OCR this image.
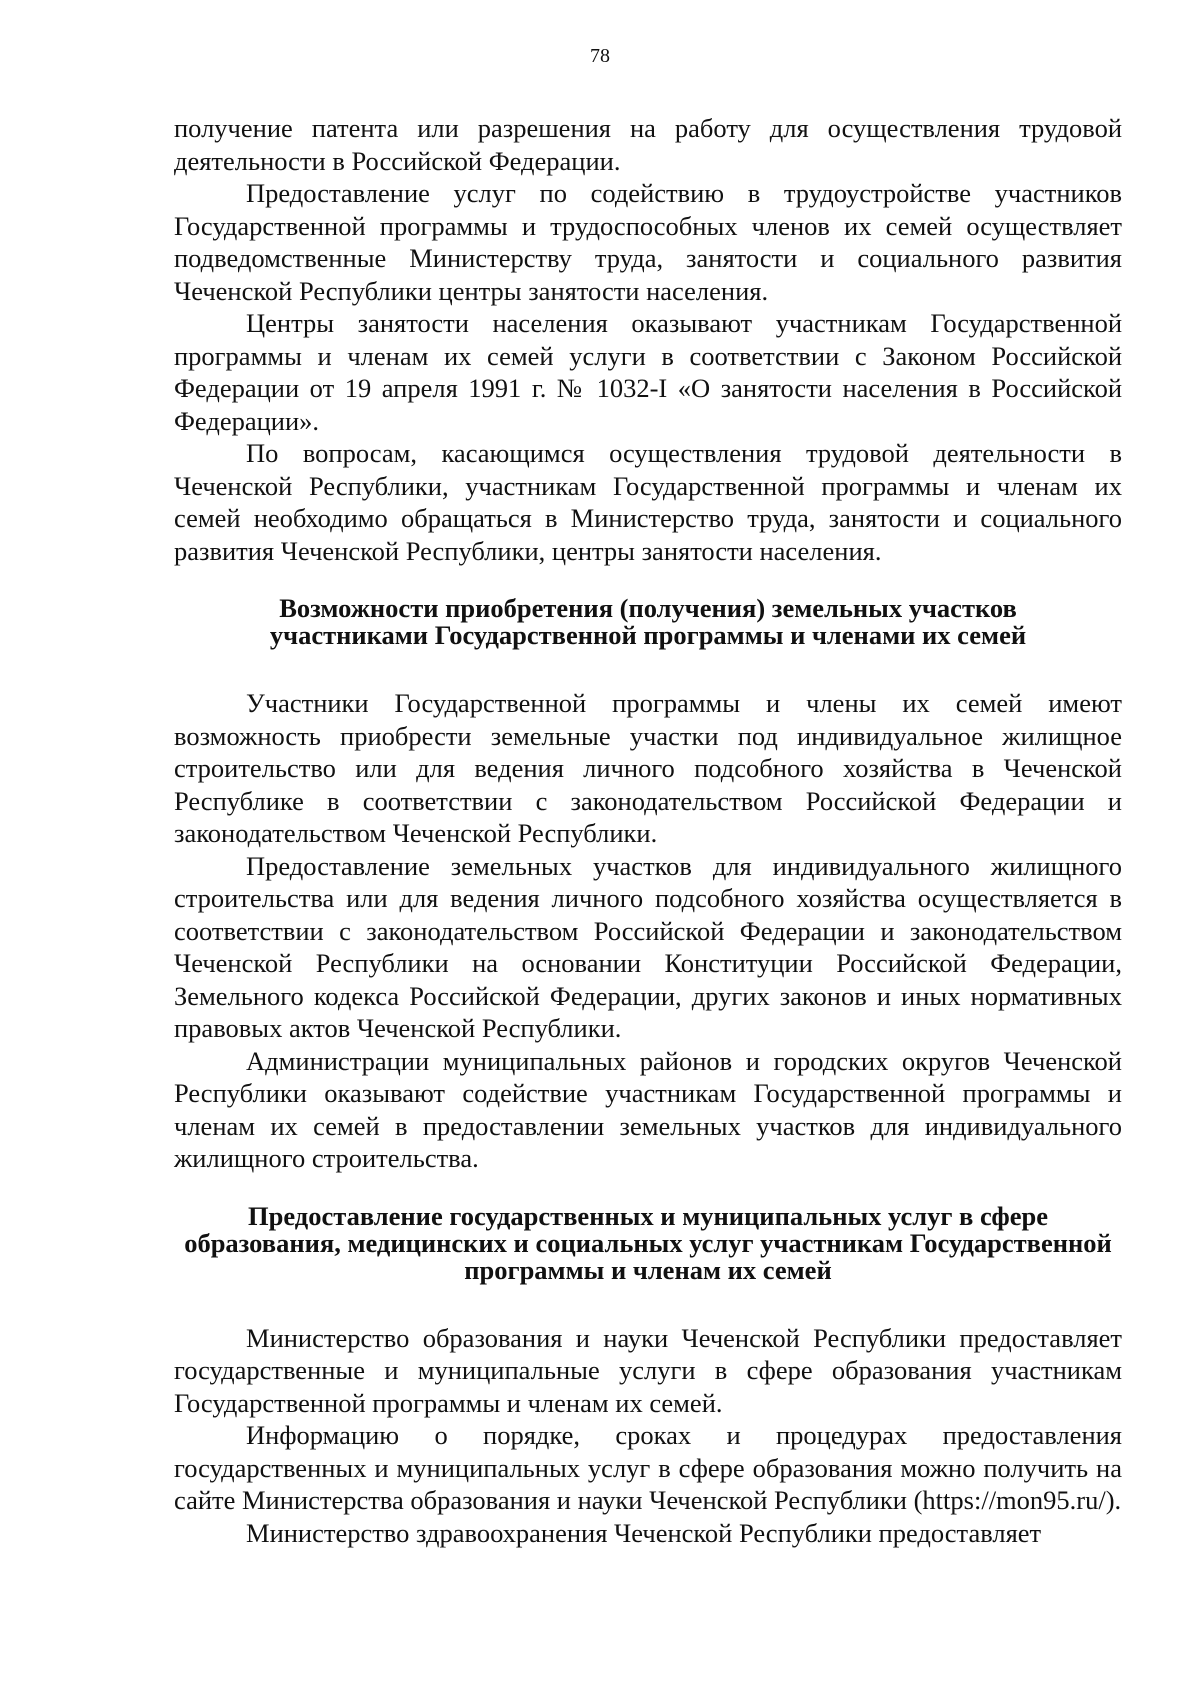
78

получение патента или разрешения на работу для осуществления трудовой деятельности в Российской Федерации.

Предоставление услуг по содействию в трудоустройстве участников Государственной программы и трудоспособных членов их семей осуществляет подведомственные Министерству труда, занятости и социального развития Чеченской Республики центры занятости населения.

Центры занятости населения оказывают участникам Государственной программы и членам их семей услуги в соответствии с Законом Российской Федерации от 19 апреля 1991 г. № 1032-I «О занятости населения в Российской Федерации».

По вопросам, касающимся осуществления трудовой деятельности в Чеченской Республики, участникам Государственной программы и членам их семей необходимо обращаться в Министерство труда, занятости и социального развития Чеченской Республики, центры занятости населения.

Возможности приобретения (получения) земельных участков
участниками Государственной программы и членами их семей

Участники Государственной программы и члены их семей имеют возможность приобрести земельные участки под индивидуальное жилищное строительство или для ведения личного подсобного хозяйства в Чеченской Республике в соответствии с законодательством Российской Федерации и законодательством Чеченской Республики.

Предоставление земельных участков для индивидуального жилищного строительства или для ведения личного подсобного хозяйства осуществляется в соответствии с законодательством Российской Федерации и законодательством Чеченской Республики на основании Конституции Российской Федерации, Земельного кодекса Российской Федерации, других законов и иных нормативных правовых актов Чеченской Республики.

Администрации муниципальных районов и городских округов Чеченской Республики оказывают содействие участникам Государственной программы и членам их семей в предоставлении земельных участков для индивидуального жилищного строительства.

Предоставление государственных и муниципальных услуг в сфере
образования, медицинских и социальных услуг участникам Государственной
программы и членам их семей

Министерство образования и науки Чеченской Республики предоставляет государственные и муниципальные услуги в сфере образования участникам Государственной программы и членам их семей.

Информацию о порядке, сроках и процедурах предоставления государственных и муниципальных услуг в сфере образования можно получить на сайте Министерства образования и науки Чеченской Республики (https://mon95.ru/).

Министерство здравоохранения Чеченской Республики предоставляет
